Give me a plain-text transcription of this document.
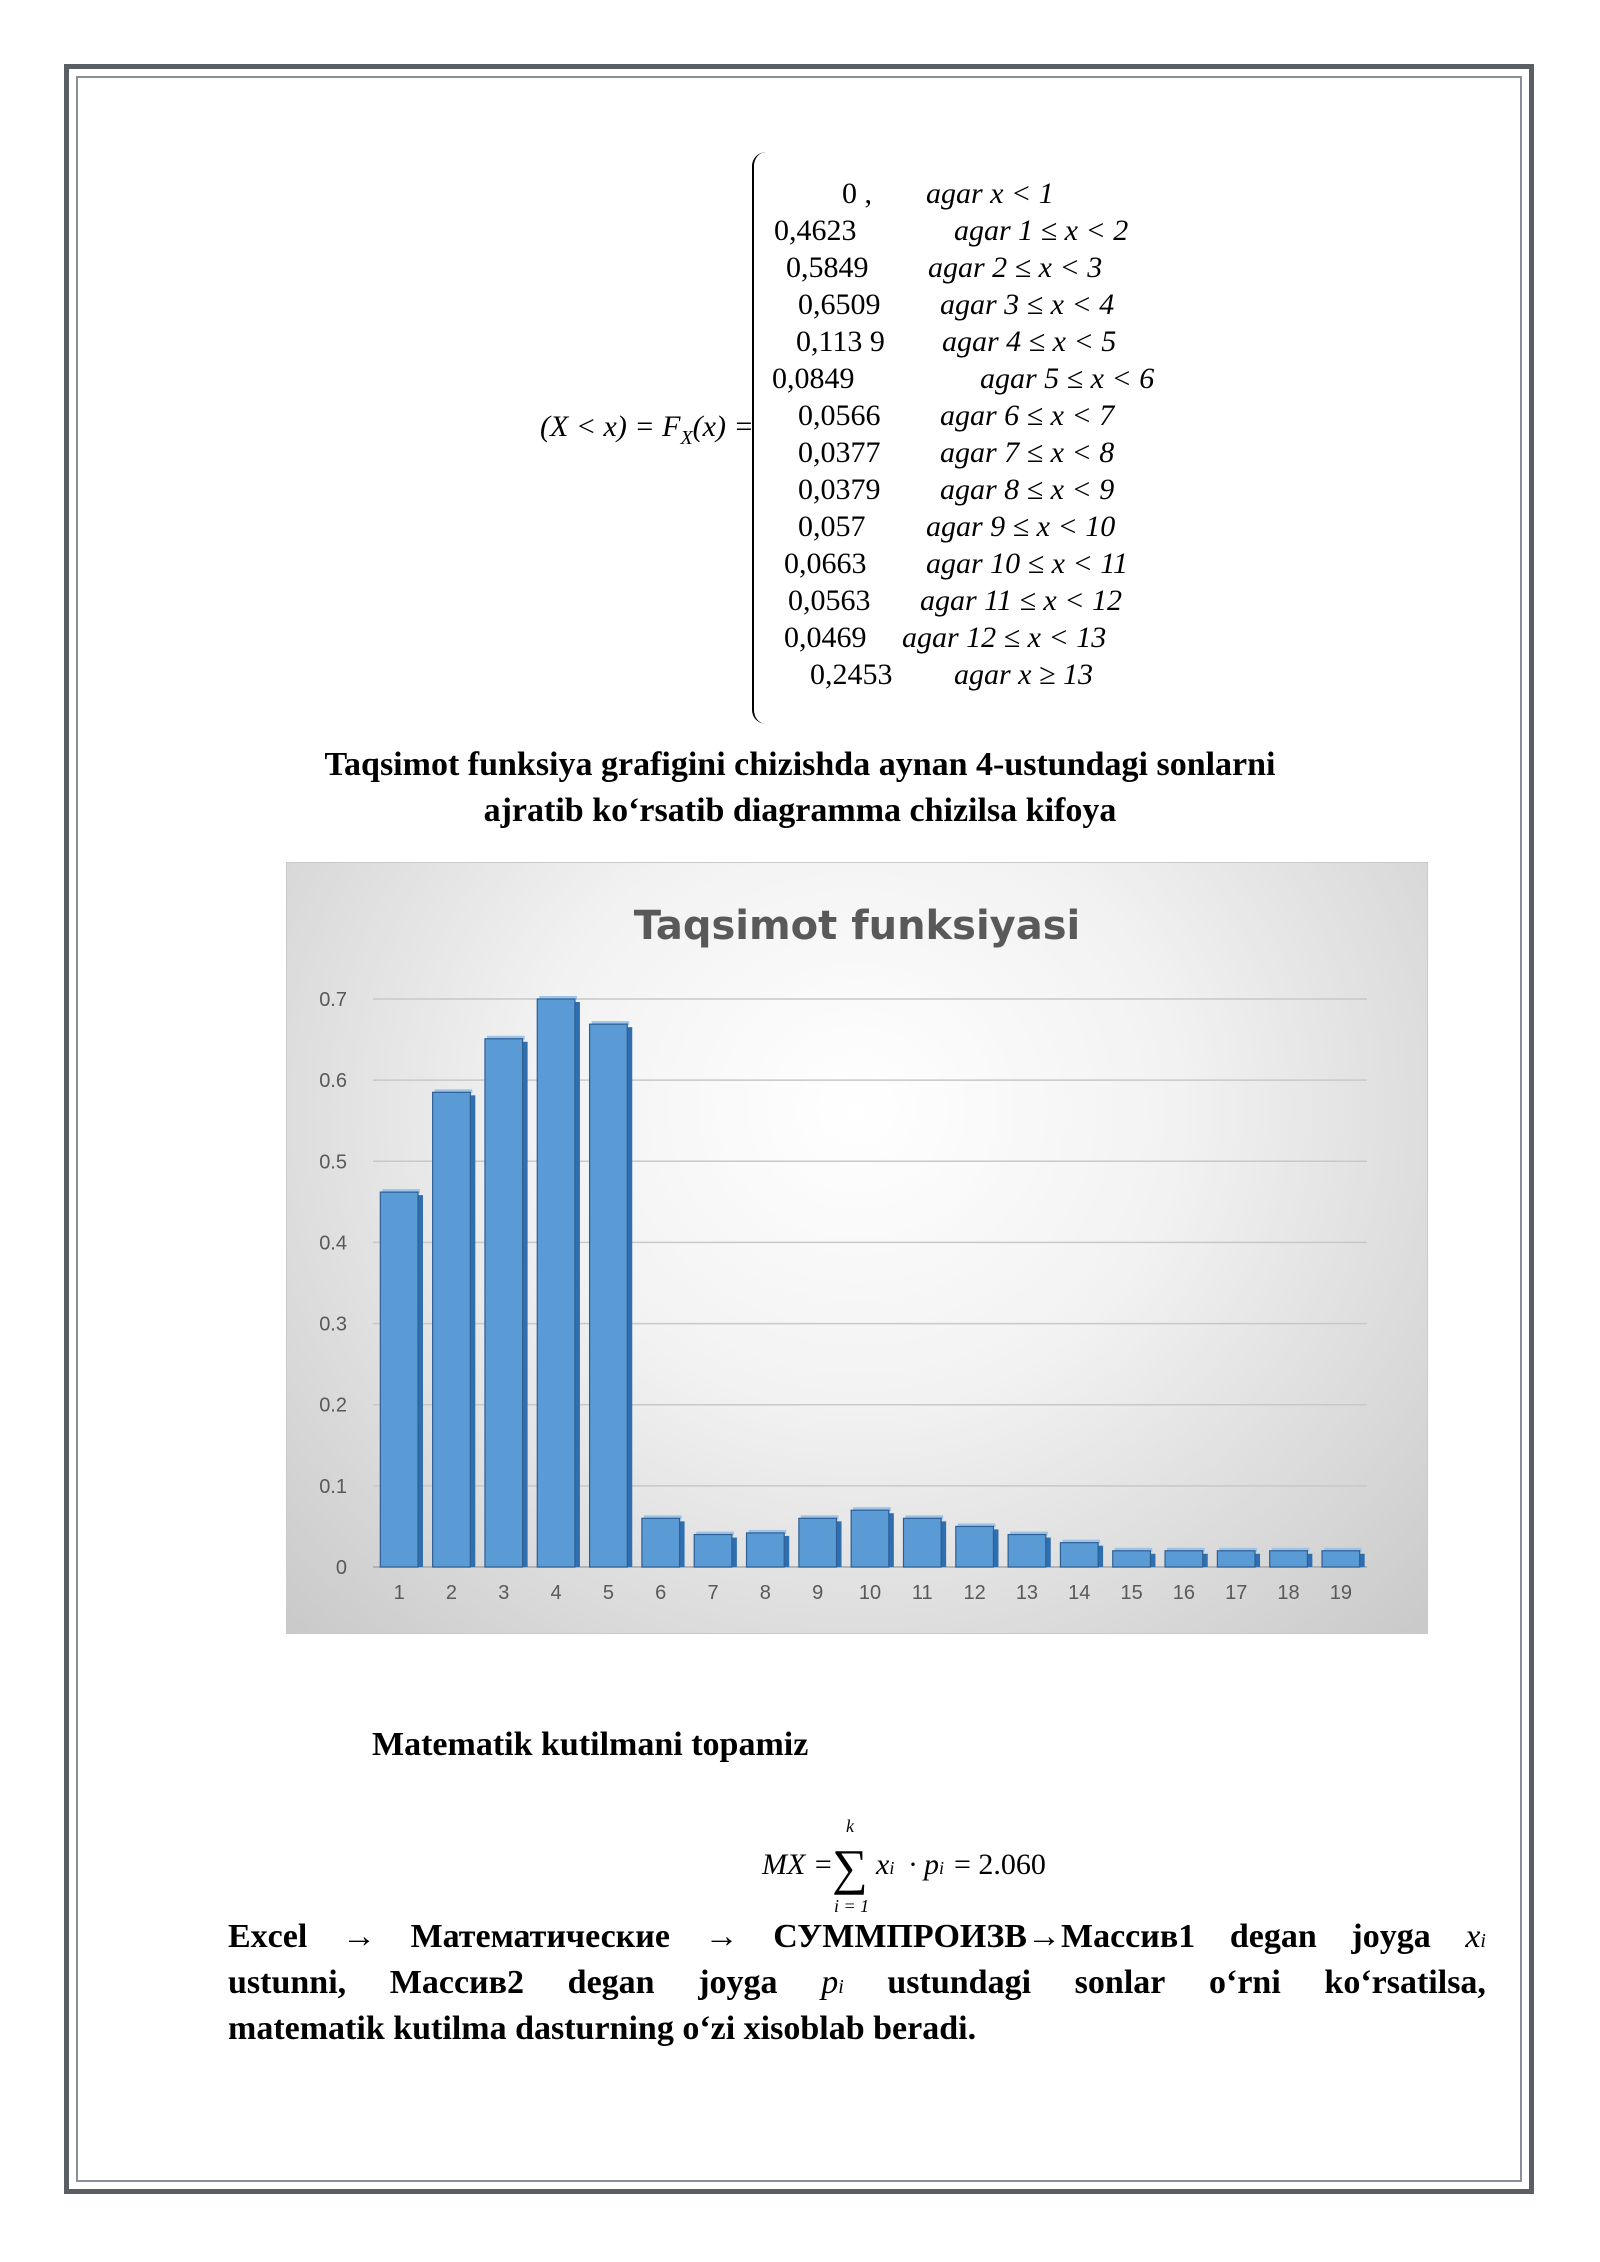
$(X < x) = F_X(x)$ =
0 , agar x < 1
0,4623	agar 1 ≤ x < 2
0,5849 agar 2 ≤ x < 3
0,6509 agar 3 ≤ x < 4
0,113 9 agar 4 ≤ x < 5
0,0849	agar 5 ≤ x < 6
0,0566 agar 6 ≤ x < 7
0,0377 agar 7 ≤ x < 8
0,0379 agar 8 ≤ x < 9
0,057 agar 9 ≤ x < 10
0,0663 agar 10 ≤ x < 11
0,0563 agar 11 ≤ x < 12
0,0469 agar 12 ≤ x < 13
0,2453 agar x ≥ 13
Taqsimot funksiya grafigini chizishda aynan 4-ustundagi sonlarni
ajratib ko‘rsatib diagramma chizilsa kifoya
Taqsimot funksiyasi
0
0.1
0.2
0.3
0.4
0.5
0.6
0.7
1 2 3 4 5 6 7 8 9 10 11 12 13 14 15 16 17 18 19
Matematik kutilmani topamiz
MX =
k
∑
i = 1
xi · pi = 2.060
Excel → Математические → СУММПРОИЗВ→Массив1 degan joyga xi
ustunni, Массив2 degan joyga pi ustundagi sonlar o‘rni ko‘rsatilsa,
matematik kutilma dasturning o‘zi xisoblab beradi.
